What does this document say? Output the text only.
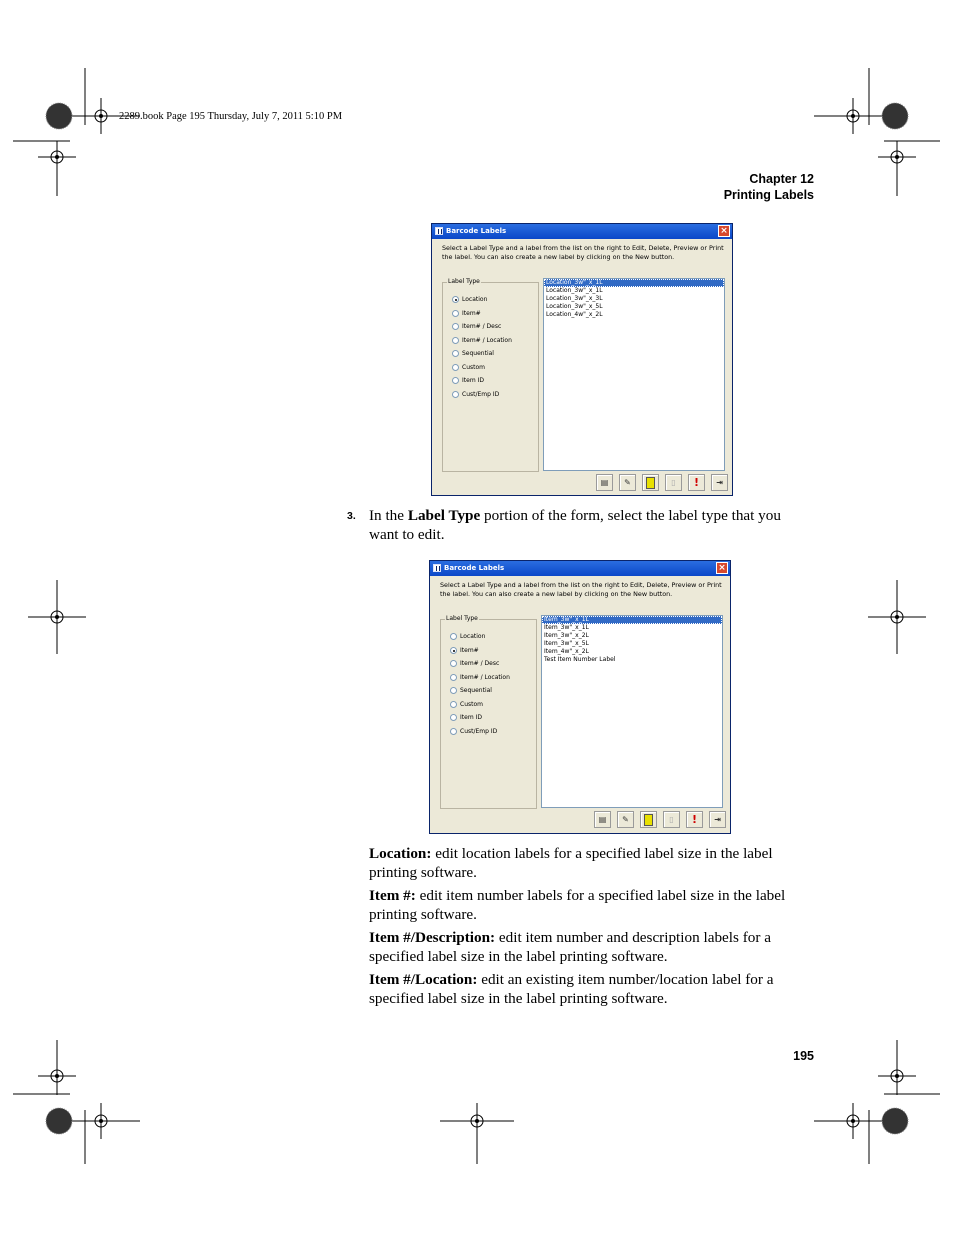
2289.book Page 195 Thursday, July 7, 2011 5:10 PM
Chapter 12
Printing Labels
Barcode Labels	×
Select a Label Type and a label from the list on the right to Edit, Delete, Preview or Print the label. You can also create a new label by clicking on the New button.
Label Type
Location
Item#
Item# / Desc
Item# / Location
Sequential
Custom
Item ID
Cust/Emp ID
Location_3w"_x_1L
Location_3w"_x_1L
Location_3w"_x_3L
Location_3w"_x_5L
Location_4w"_x_2L
▤	✎	▯	!	⇥
3. In the Label Type portion of the form, select the label type that you want to edit.
Barcode Labels	×
Select a Label Type and a label from the list on the right to Edit, Delete, Preview or Print the label. You can also create a new label by clicking on the New button.
Label Type
Location
Item#
Item# / Desc
Item# / Location
Sequential
Custom
Item ID
Cust/Emp ID
Item_3w"_x_1L
Item_3w"_x_1L
Item_3w"_x_2L
Item_3w"_x_5L
Item_4w"_x_2L
Test Item Number Label
▤	✎	▯	!	⇥
Location: edit location labels for a specified label size in the label printing software.
Item #: edit item number labels for a specified label size in the label printing software.
Item #/Description: edit item number and description labels for a specified label size in the label printing software.
Item #/Location: edit an existing item number/location label for a specified label size in the label printing software.
195
